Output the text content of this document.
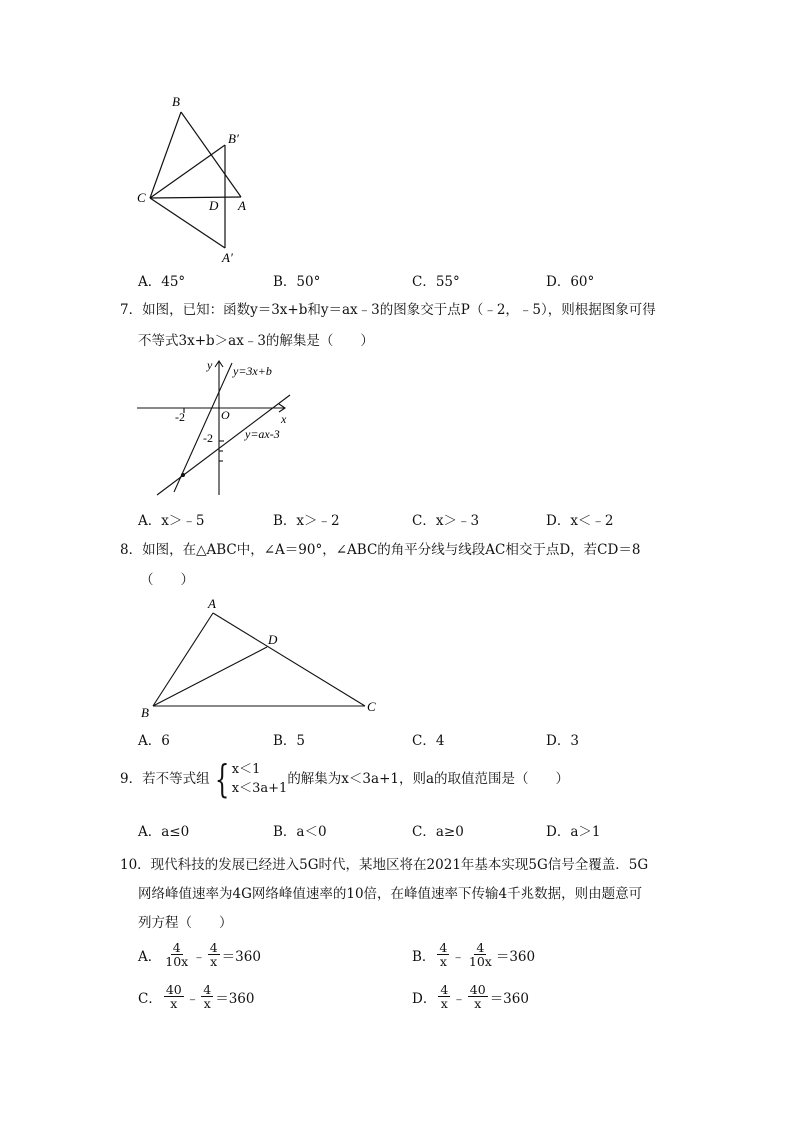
B
B′
C
D A
A′
A．45°	B．50°	C．55°	D．60°
7．如图，已知：函数y＝3x+b和y＝ax﹣3的图象交于点P（﹣2，﹣5），则根据图象可得
不等式3x+b＞ax﹣3的解集是（　　）
y
x
O
-2
-2
y=3x+b
y=ax-3
A．x＞﹣5	B．x＞﹣2	C．x＞﹣3	D．x＜﹣2
8．如图，在△ABC中，∠A＝90°，∠ABC的角平分线与线段AC相交于点D，若CD＝8
（　　）
A
D
B	C
A．6	B．5	C．4	D．3
9．若不等式组 { x＜1
x＜3a+1
的解集为x＜3a+1，则a的取值范围是（　　）
A．a≤0	B．a＜0	C．a≥0	D．a＞1
10．现代科技的发展已经进入5G时代，某地区将在2021年基本实现5G信号全覆盖．5G
网络峰值速率为4G网络峰值速率的10倍，在峰值速率下传输4千兆数据，则由题意可
列方程（　　）
A． $\frac{4}{10x}$ ﹣ $\frac{4}{x} =360$	B． $\frac{4}{x}$ ﹣ $\frac{4}{10x} =360$
C． $\frac{40}{x}$ ﹣ $\frac{4}{x} =360$	D． $\frac{4}{x}$ ﹣ $\frac{40}{x} =360$
